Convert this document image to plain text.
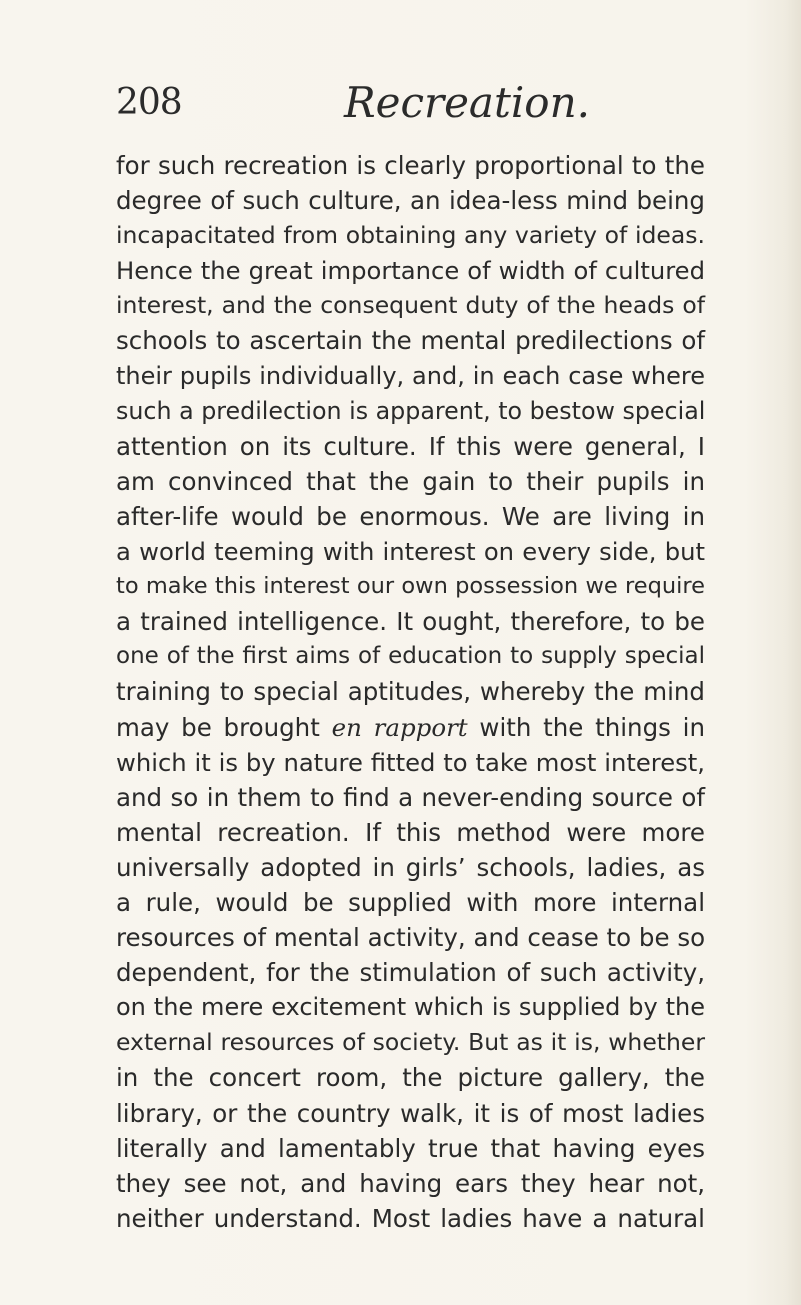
208	Recreation.
for such recreation is clearly proportional to the
degree of such culture, an idea-less mind being
incapacitated from obtaining any variety of ideas.
Hence the great importance of width of cultured
interest, and the consequent duty of the heads of
schools to ascertain the mental predilections of
their pupils individually, and, in each case where
such a predilection is apparent, to bestow special
attention on its culture. If this were general, I
am convinced that the gain to their pupils in
after-life would be enormous. We are living in
a world teeming with interest on every side, but
to make this interest our own possession we require
a trained intelligence. It ought, therefore, to be
one of the first aims of education to supply special
training to special aptitudes, whereby the mind
may be brought en rapport with the things in
which it is by nature fitted to take most interest,
and so in them to find a never-ending source of
mental recreation. If this method were more
universally adopted in girls’ schools, ladies, as
a rule, would be supplied with more internal
resources of mental activity, and cease to be so
dependent, for the stimulation of such activity,
on the mere excitement which is supplied by the
external resources of society. But as it is, whether
in the concert room, the picture gallery, the
library, or the country walk, it is of most ladies
literally and lamentably true that having eyes
they see not, and having ears they hear not,
neither understand. Most ladies have a natural
